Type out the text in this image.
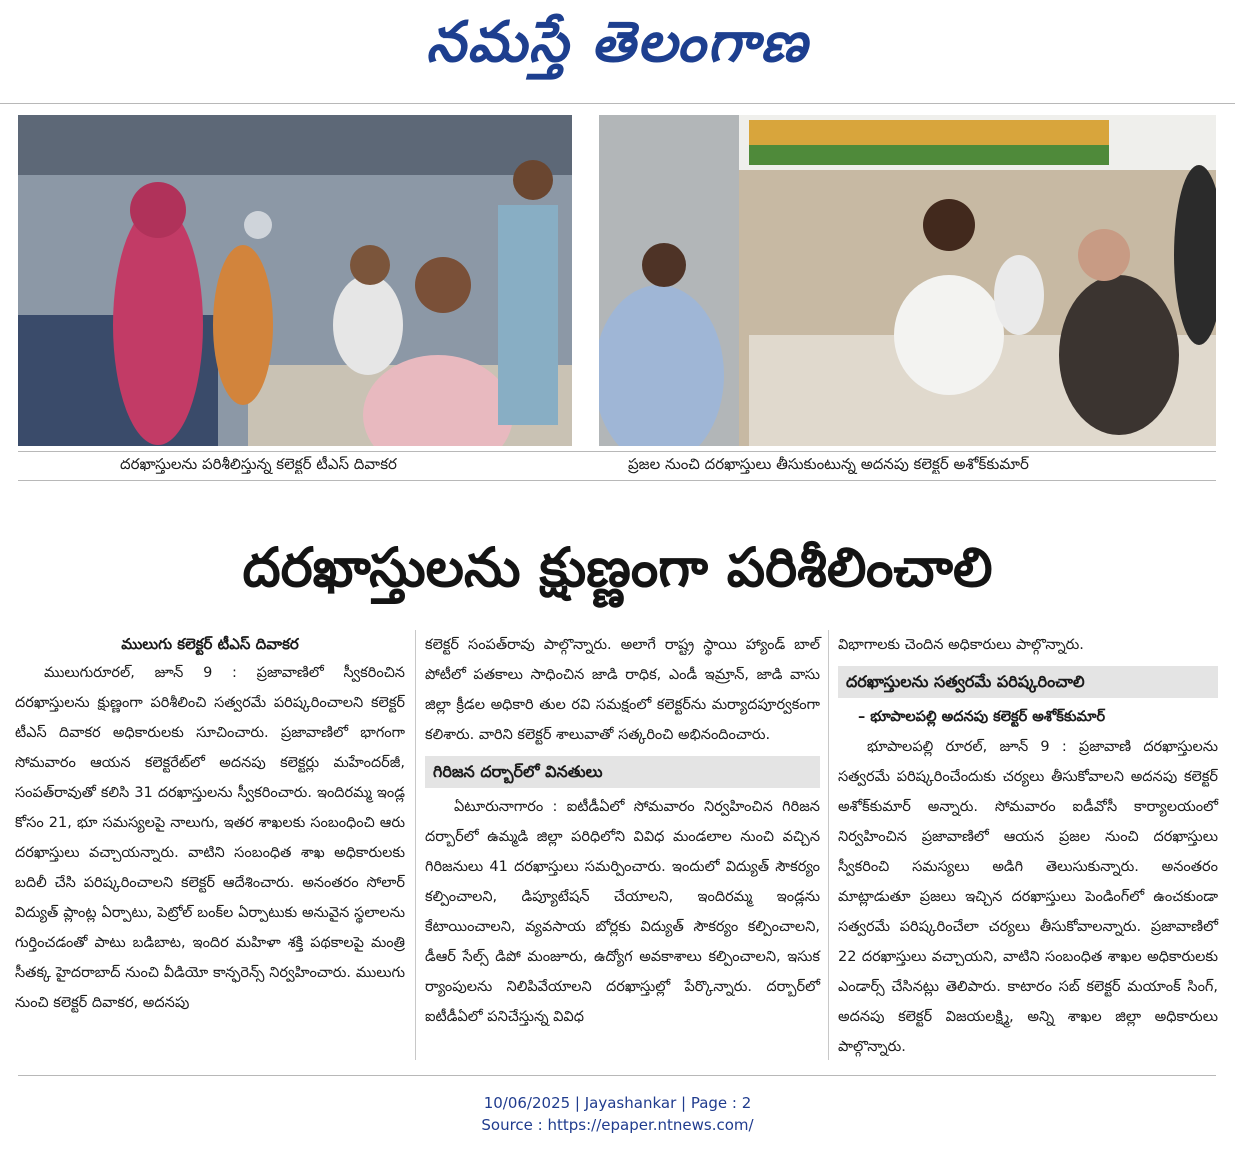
నమస్తే తెలంగాణ
దరఖాస్తులను పరిశీలిస్తున్న కలెక్టర్ టీఎస్ దివాకర	ప్రజల నుంచి దరఖాస్తులు తీసుకుంటున్న అదనపు కలెక్టర్ అశోక్‌కుమార్
దరఖాస్తులను క్షుణ్ణంగా పరిశీలించాలి
ములుగు కలెక్టర్ టీఎస్ దివాకర

ములుగురూరల్, జూన్ 9 : ప్రజావాణిలో స్వీకరించిన దరఖాస్తులను క్షుణ్ణంగా పరిశీలించి సత్వరమే పరిష్కరించాలని కలెక్టర్ టీఎస్ దివాకర అధికారులకు సూచించారు. ప్రజావాణిలో భాగంగా సోమవారం ఆయన కలెక్టరేట్‌లో అదనపు కలెక్టర్లు మహేందర్‌జీ, సంపత్‌రావుతో కలిసి 31 దరఖాస్తులను స్వీకరించారు. ఇందిరమ్మ ఇండ్ల కోసం 21, భూ సమస్యలపై నాలుగు, ఇతర శాఖలకు సంబంధించి ఆరు దరఖాస్తులు వచ్చాయన్నారు. వాటిని సంబంధిత శాఖ అధికారులకు బదిలీ చేసి పరిష్కరించాలని కలెక్టర్ ఆదేశించారు. అనంతరం సోలార్ విద్యుత్ ప్లాంట్ల ఏర్పాటు, పెట్రోల్ బంక్‌ల ఏర్పాటుకు అనువైన స్థలాలను గుర్తించడంతో పాటు బడిబాట, ఇందిర మహిళా శక్తి పథకాలపై మంత్రి సీతక్క హైదరాబాద్ నుంచి వీడియో కాన్ఫరెన్స్ నిర్వహించారు. ములుగు నుంచి కలెక్టర్ దివాకర, అదనపు

కలెక్టర్ సంపత్‌రావు పాల్గొన్నారు. అలాగే రాష్ట్ర స్థాయి హ్యాండ్ బాల్ పోటీలో పతకాలు సాధించిన జాడి రాధిక, ఎండీ ఇమ్రాన్, జాడి వాసు జిల్లా క్రీడల అధికారి తుల రవి సమక్షంలో కలెక్టర్‌ను మర్యాదపూర్వకంగా కలిశారు. వారిని కలెక్టర్ శాలువాతో సత్కరించి అభినందించారు.

గిరిజన దర్బార్‌లో వినతులు

ఏటూరునాగారం : ఐటీడీఏలో సోమవారం నిర్వహించిన గిరిజన దర్బార్‌లో ఉమ్మడి జిల్లా పరిధిలోని వివిధ మండలాల నుంచి వచ్చిన గిరిజనులు 41 దరఖాస్తులు సమర్పించారు. ఇందులో విద్యుత్ సౌకర్యం కల్పించాలని, డిప్యూటేషన్ చేయాలని, ఇందిరమ్మ ఇండ్లను కేటాయించాలని, వ్యవసాయ బోర్లకు విద్యుత్ సౌకర్యం కల్పించాలని, డీఆర్ సేల్స్ డిపో మంజూరు, ఉద్యోగ అవకాశాలు కల్పించాలని, ఇసుక ర్యాంపులను నిలిపివేయాలని దరఖాస్తుల్లో పేర్కొన్నారు. దర్బార్‌లో ఐటీడీఏలో పనిచేస్తున్న వివిధ

విభాగాలకు చెందిన అధికారులు పాల్గొన్నారు.

దరఖాస్తులను సత్వరమే పరిష్కరించాలి
– భూపాలపల్లి అదనపు కలెక్టర్ అశోక్‌కుమార్

భూపాలపల్లి రూరల్, జూన్ 9 : ప్రజావాణి దరఖాస్తులను సత్వరమే పరిష్కరించేందుకు చర్యలు తీసుకోవాలని అదనపు కలెక్టర్ అశోక్‌కుమార్ అన్నారు. సోమవారం ఐడీవోసీ కార్యాలయంలో నిర్వహించిన ప్రజావాణిలో ఆయన ప్రజల నుంచి దరఖాస్తులు స్వీకరించి సమస్యలు అడిగి తెలుసుకున్నారు. అనంతరం మాట్లాడుతూ ప్రజలు ఇచ్చిన దరఖాస్తులు పెండింగ్‌లో ఉంచకుండా సత్వరమే పరిష్కరించేలా చర్యలు తీసుకోవాలన్నారు. ప్రజావాణిలో 22 దరఖాస్తులు వచ్చాయని, వాటిని సంబంధిత శాఖల అధికారులకు ఎండార్స్ చేసినట్లు తెలిపారు. కాటారం సబ్ కలెక్టర్ మయాంక్ సింగ్, అదనపు కలెక్టర్ విజయలక్ష్మి, అన్ని శాఖల జిల్లా అధికారులు పాల్గొన్నారు.

10/06/2025 | Jayashankar | Page : 2
Source : https://epaper.ntnews.com/
